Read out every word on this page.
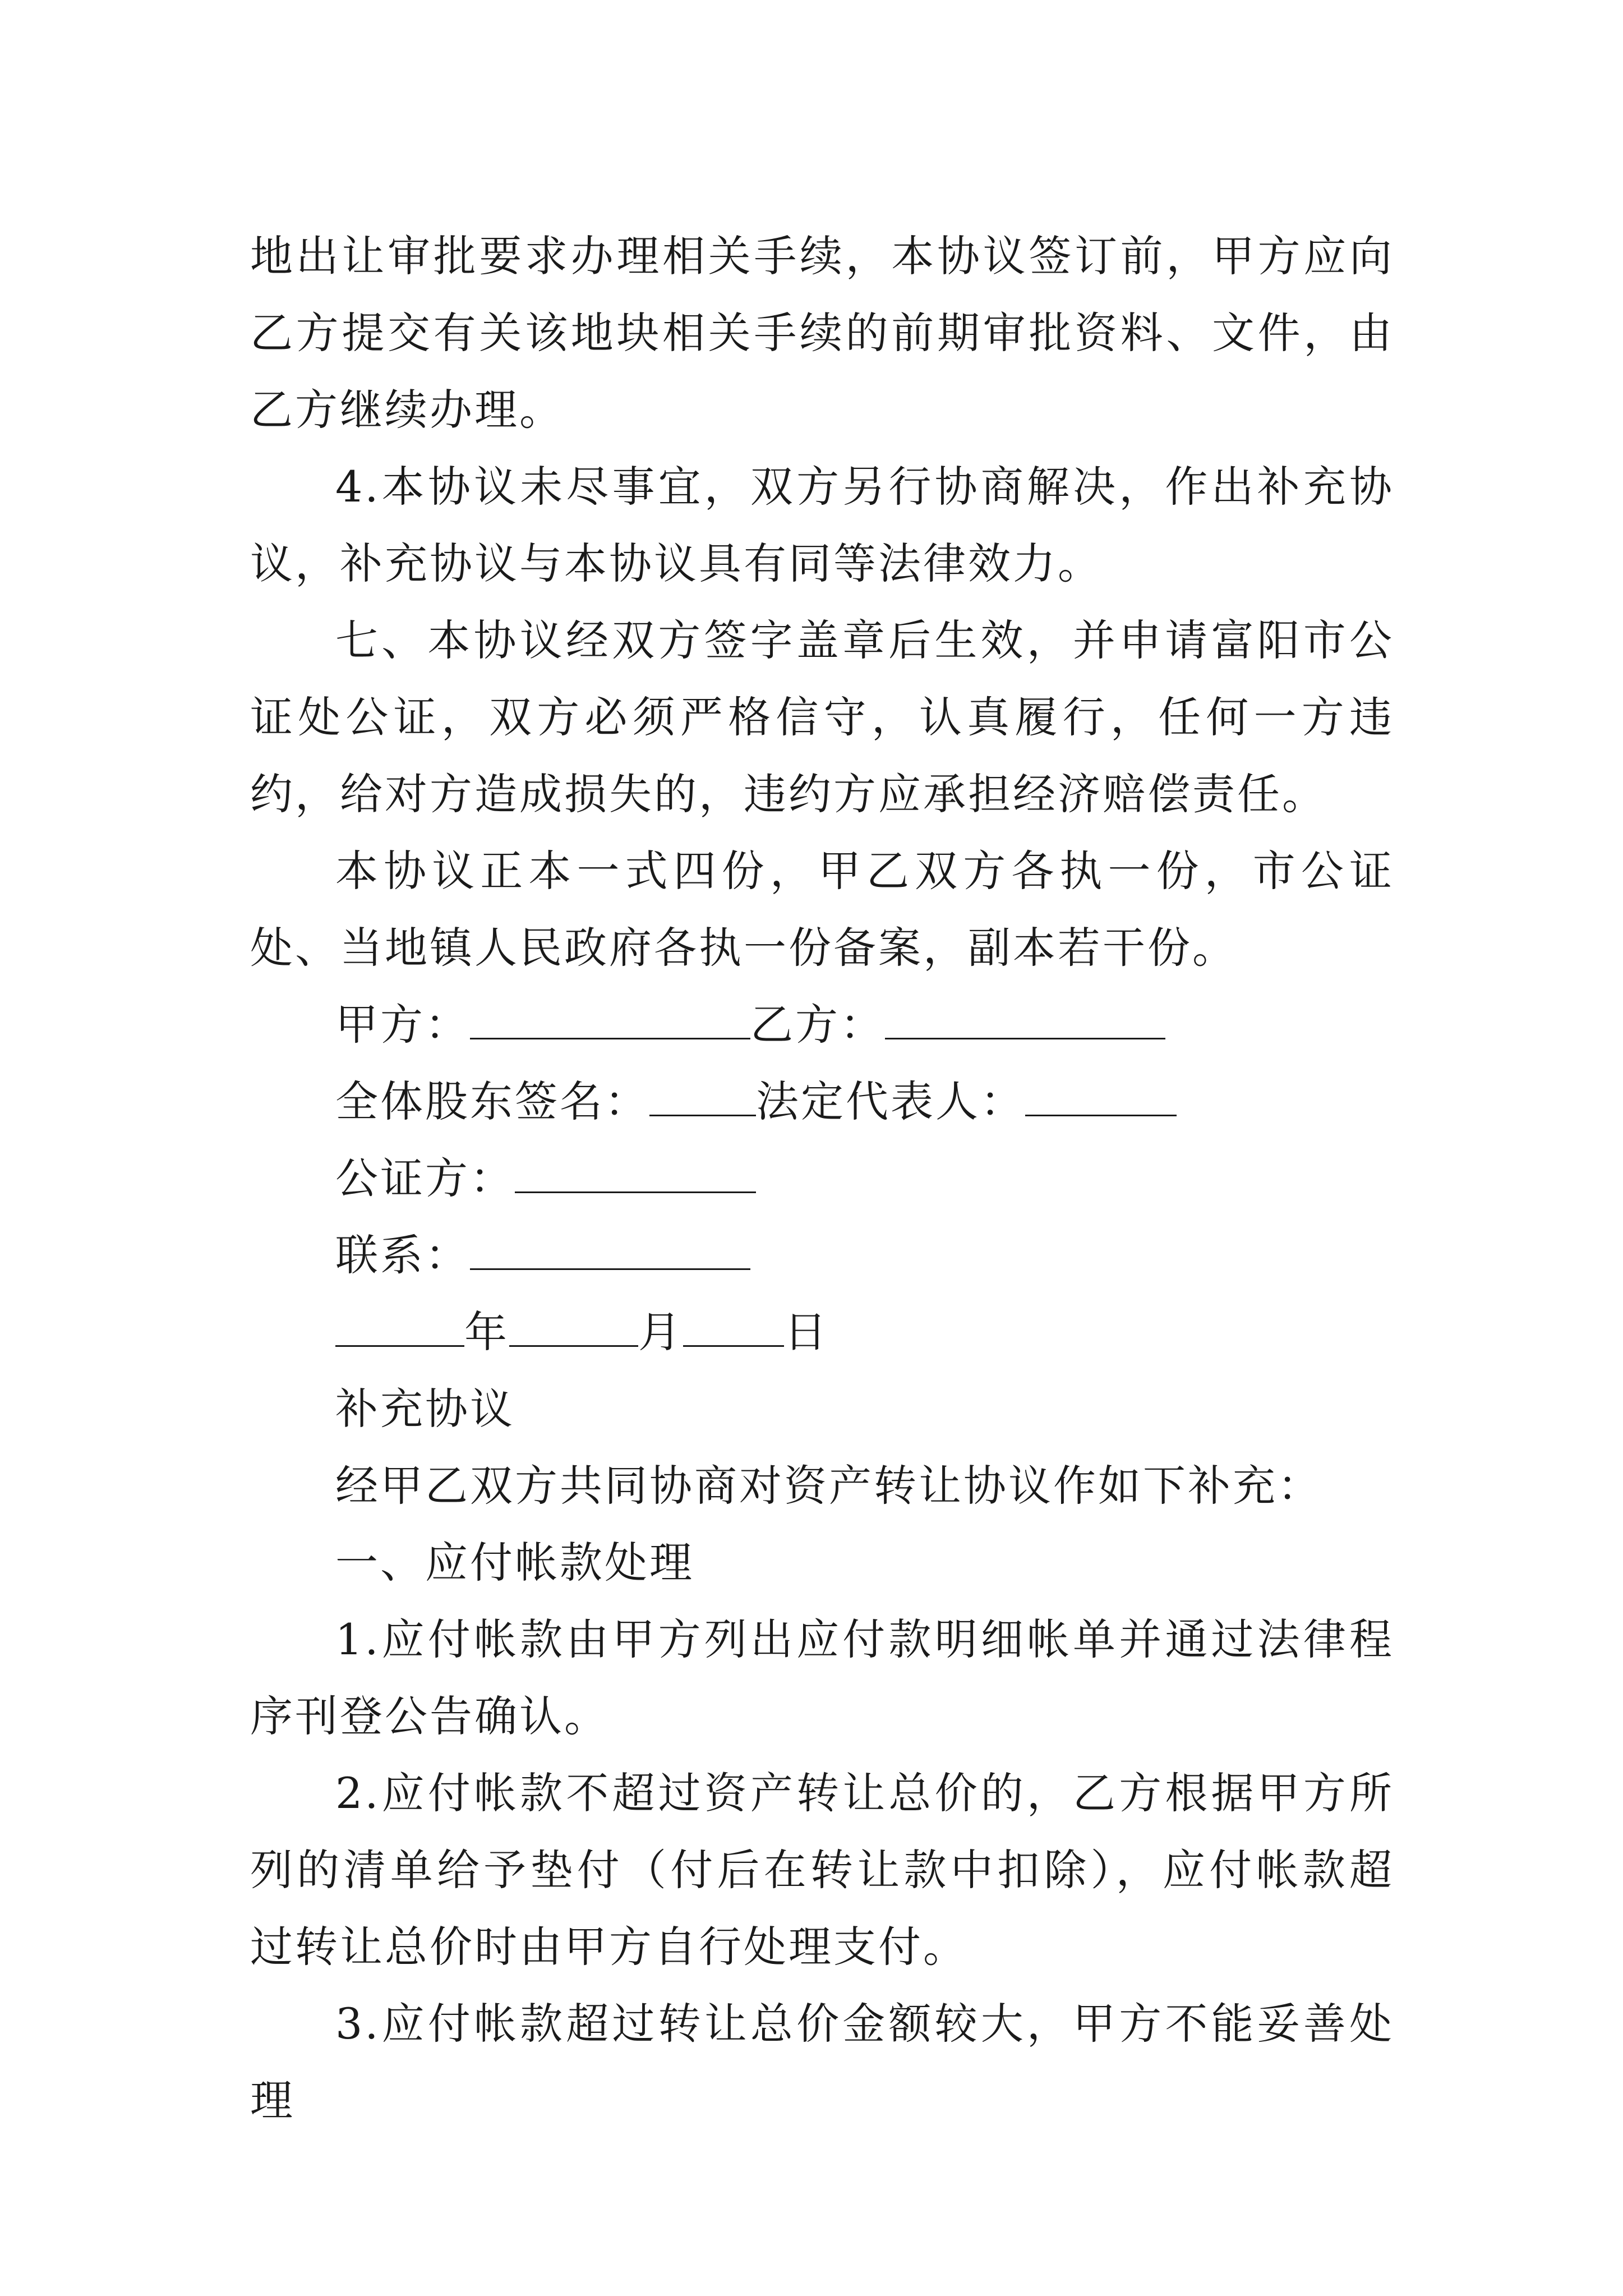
地出让审批要求办理相关手续，本协议签订前，甲方应向乙方提交有关该地块相关手续的前期审批资料、文件，由乙方继续办理。

4.本协议未尽事宜，双方另行协商解决，作出补充协议，补充协议与本协议具有同等法律效力。

七、本协议经双方签字盖章后生效，并申请富阳市公证处公证，双方必须严格信守，认真履行，任何一方违约，给对方造成损失的，违约方应承担经济赔偿责任。

本协议正本一式四份，甲乙双方各执一份，市公证处、当地镇人民政府各执一份备案，副本若干份。

甲方：	乙方：

全体股东签名：	法定代表人：

公证方：

联系：

年	月 日

补充协议

经甲乙双方共同协商对资产转让协议作如下补充：

一、应付帐款处理

1.应付帐款由甲方列出应付款明细帐单并通过法律程序刊登公告确认。

2.应付帐款不超过资产转让总价的，乙方根据甲方所列的清单给予垫付（付后在转让款中扣除），应付帐款超过转让总价时由甲方自行处理支付。

3.应付帐款超过转让总价金额较大，甲方不能妥善处理
